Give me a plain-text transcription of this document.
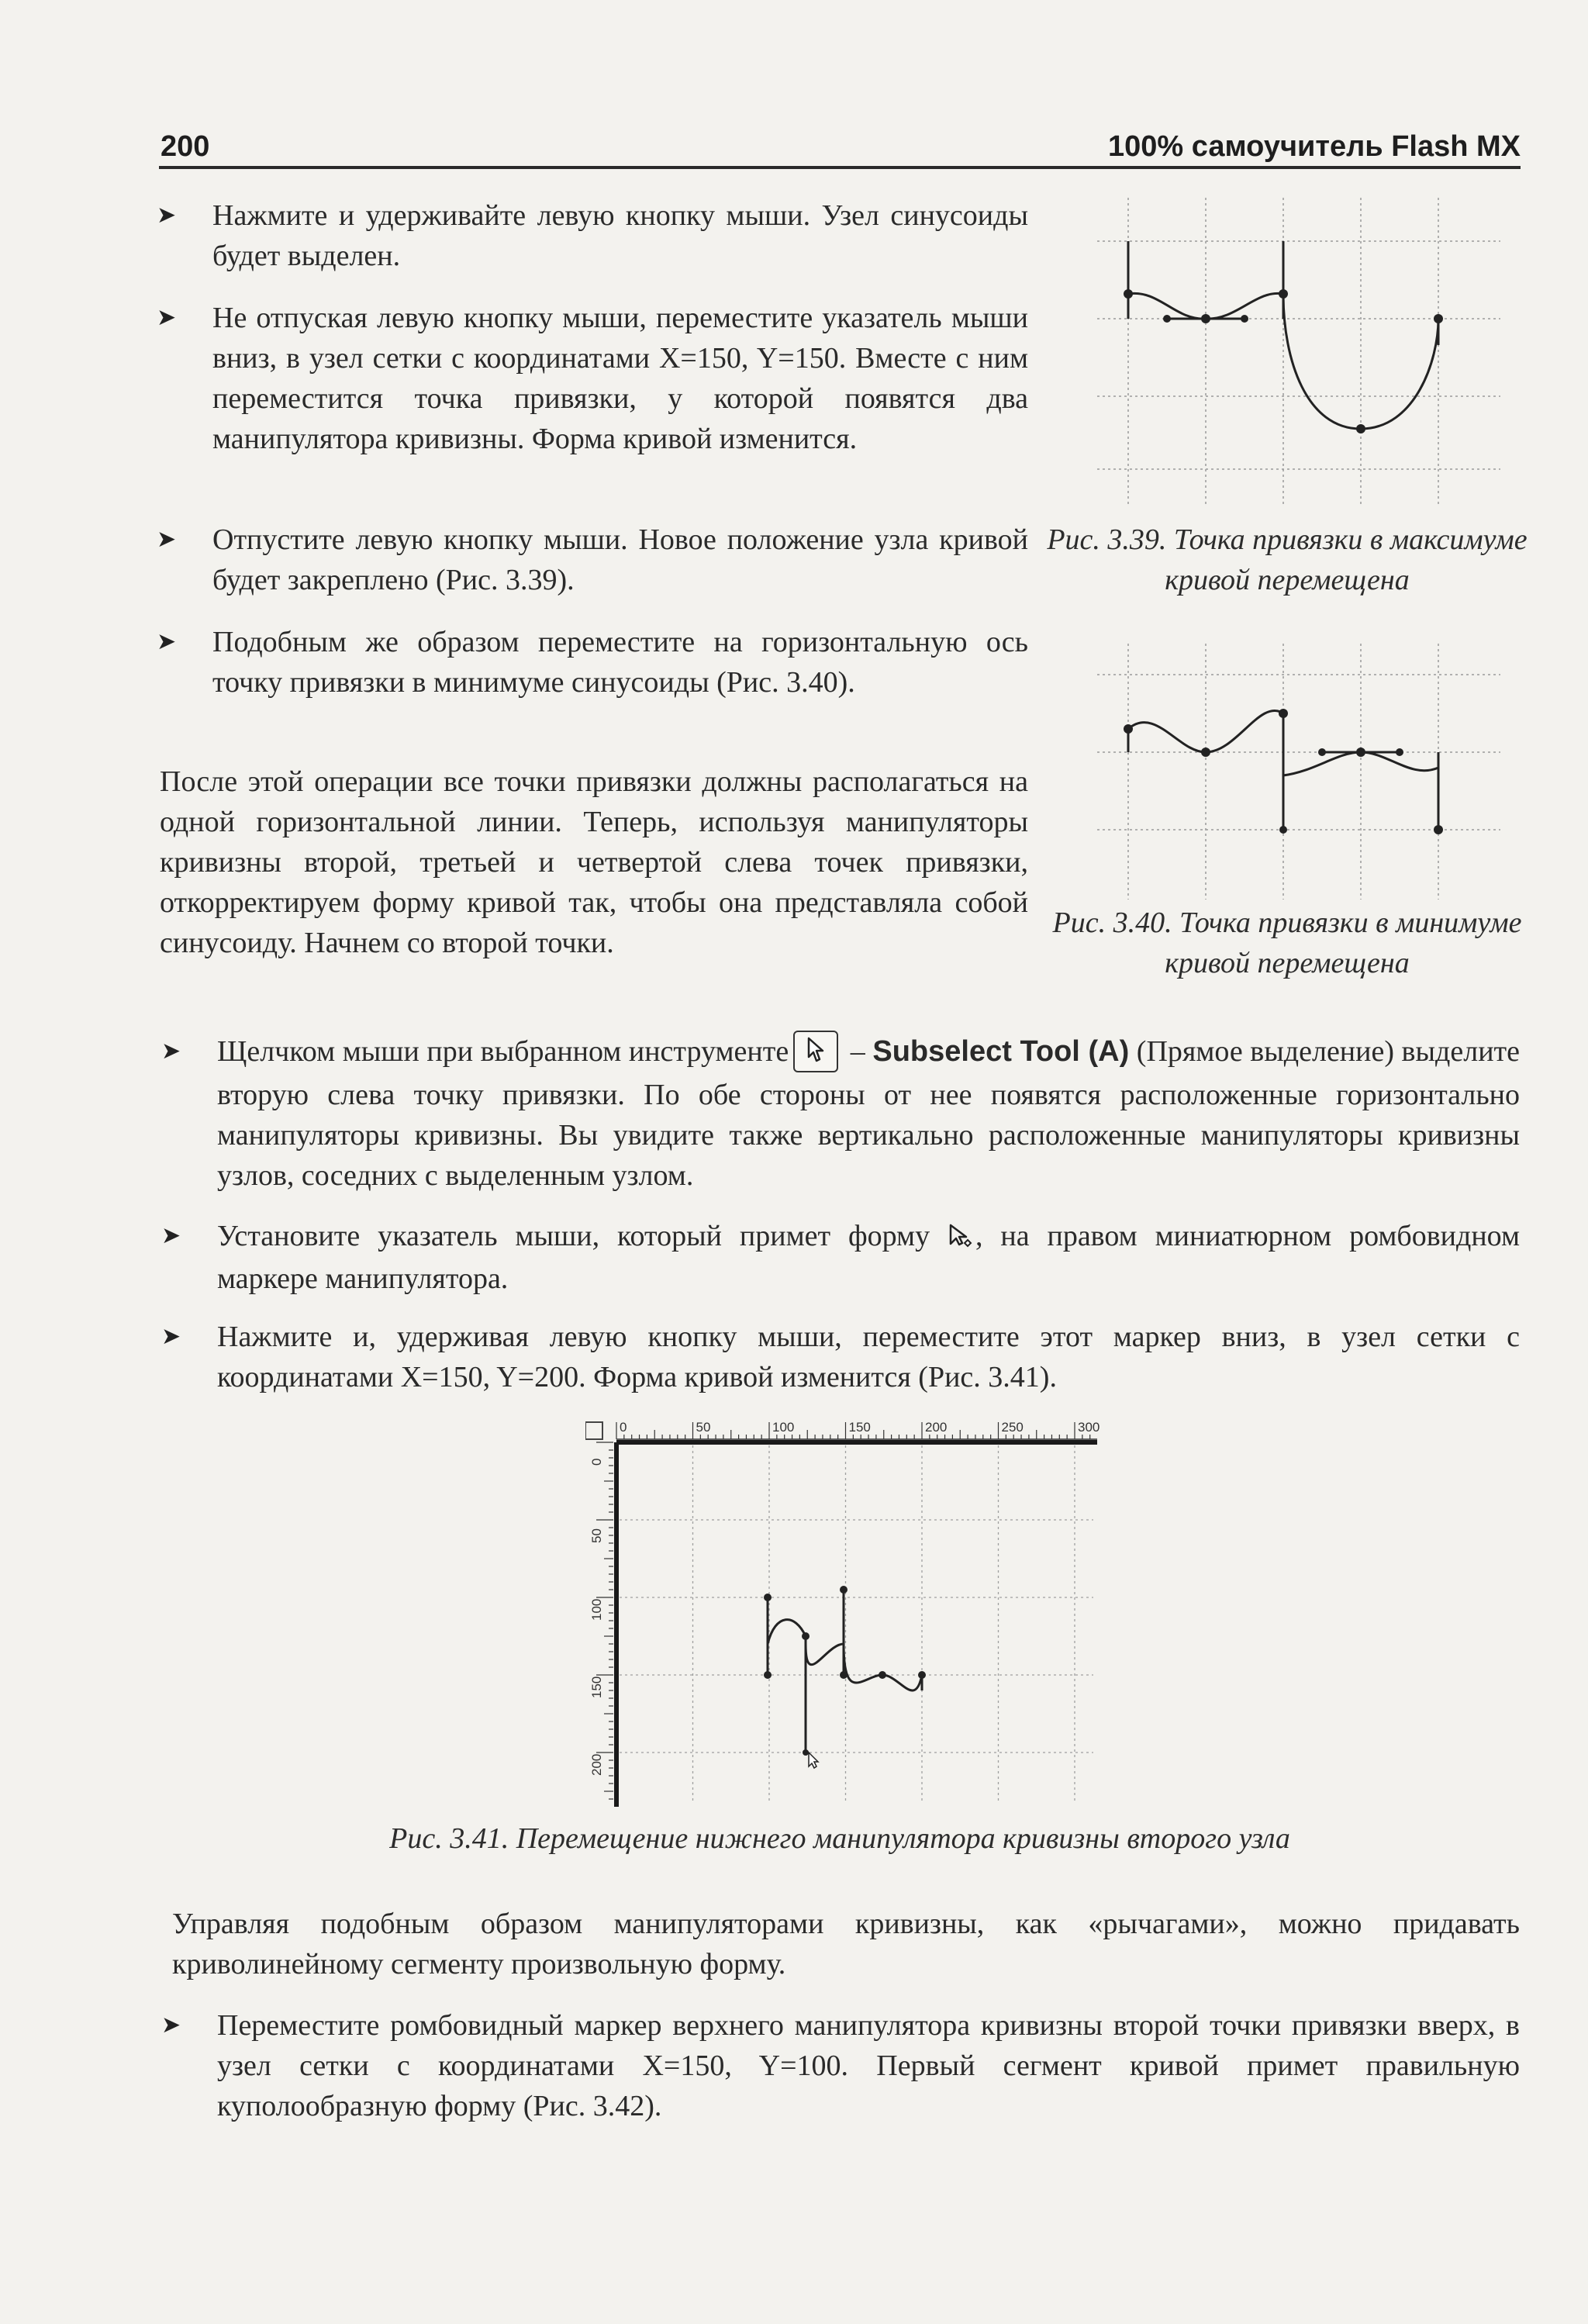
200	100% самоучитель Flash MX
➤ Нажмите и удерживайте левую кнопку мыши. Узел синусоиды будет выделен.
➤ Не отпуская левую кнопку мыши, переместите указатель мыши вниз, в узел сетки с координатами X=150, Y=150. Вместе с ним переместится точка привязки, у которой появятся два манипулятора кривизны. Форма кривой изменится.
➤ Отпустите левую кнопку мыши. Новое положение узла кривой будет закреплено (Рис. 3.39).
➤ Подобным же образом переместите на горизонтальную ось точку привязки в минимуме синусоиды (Рис. 3.40).
После этой операции все точки привязки должны располагаться на одной горизонтальной линии. Теперь, используя манипуляторы кривизны второй, третьей и четвертой слева точек привязки, откорректируем форму кривой так, чтобы она представляла собой синусоиду. Начнем со второй точки.
Рис. 3.39. Точка привязки в максимуме кривой перемещена
Рис. 3.40. Точка привязки в минимуме кривой перемещена
➤ Щелчком мыши при выбранном инструменте
– Subselect Tool (A) (Прямое выделение) выделите вторую слева точку привязки. По обе стороны от нее появятся расположенные горизонтально манипуляторы кривизны. Вы увидите также вертикально расположенные манипуляторы кривизны узлов, соседних с выделенным узлом.
➤ Установите указатель мыши, который примет форму , на правом миниатюрном ромбовидном маркере манипулятора.
➤ Нажмите и, удерживая левую кнопку мыши, переместите этот маркер вниз, в узел сетки с координатами X=150, Y=200. Форма кривой изменится (Рис. 3.41).
0	50	100	150	200	250	300
0
50
100
150
200
Рис. 3.41. Перемещение нижнего манипулятора кривизны второго узла
Управляя подобным образом манипуляторами кривизны, как «рычагами», можно придавать криволинейному сегменту произвольную форму.
➤ Переместите ромбовидный маркер верхнего манипулятора кривизны второй точки привязки вверх, в узел сетки с координатами X=150, Y=100. Первый сегмент кривой примет правильную куполообразную форму (Рис. 3.42).
